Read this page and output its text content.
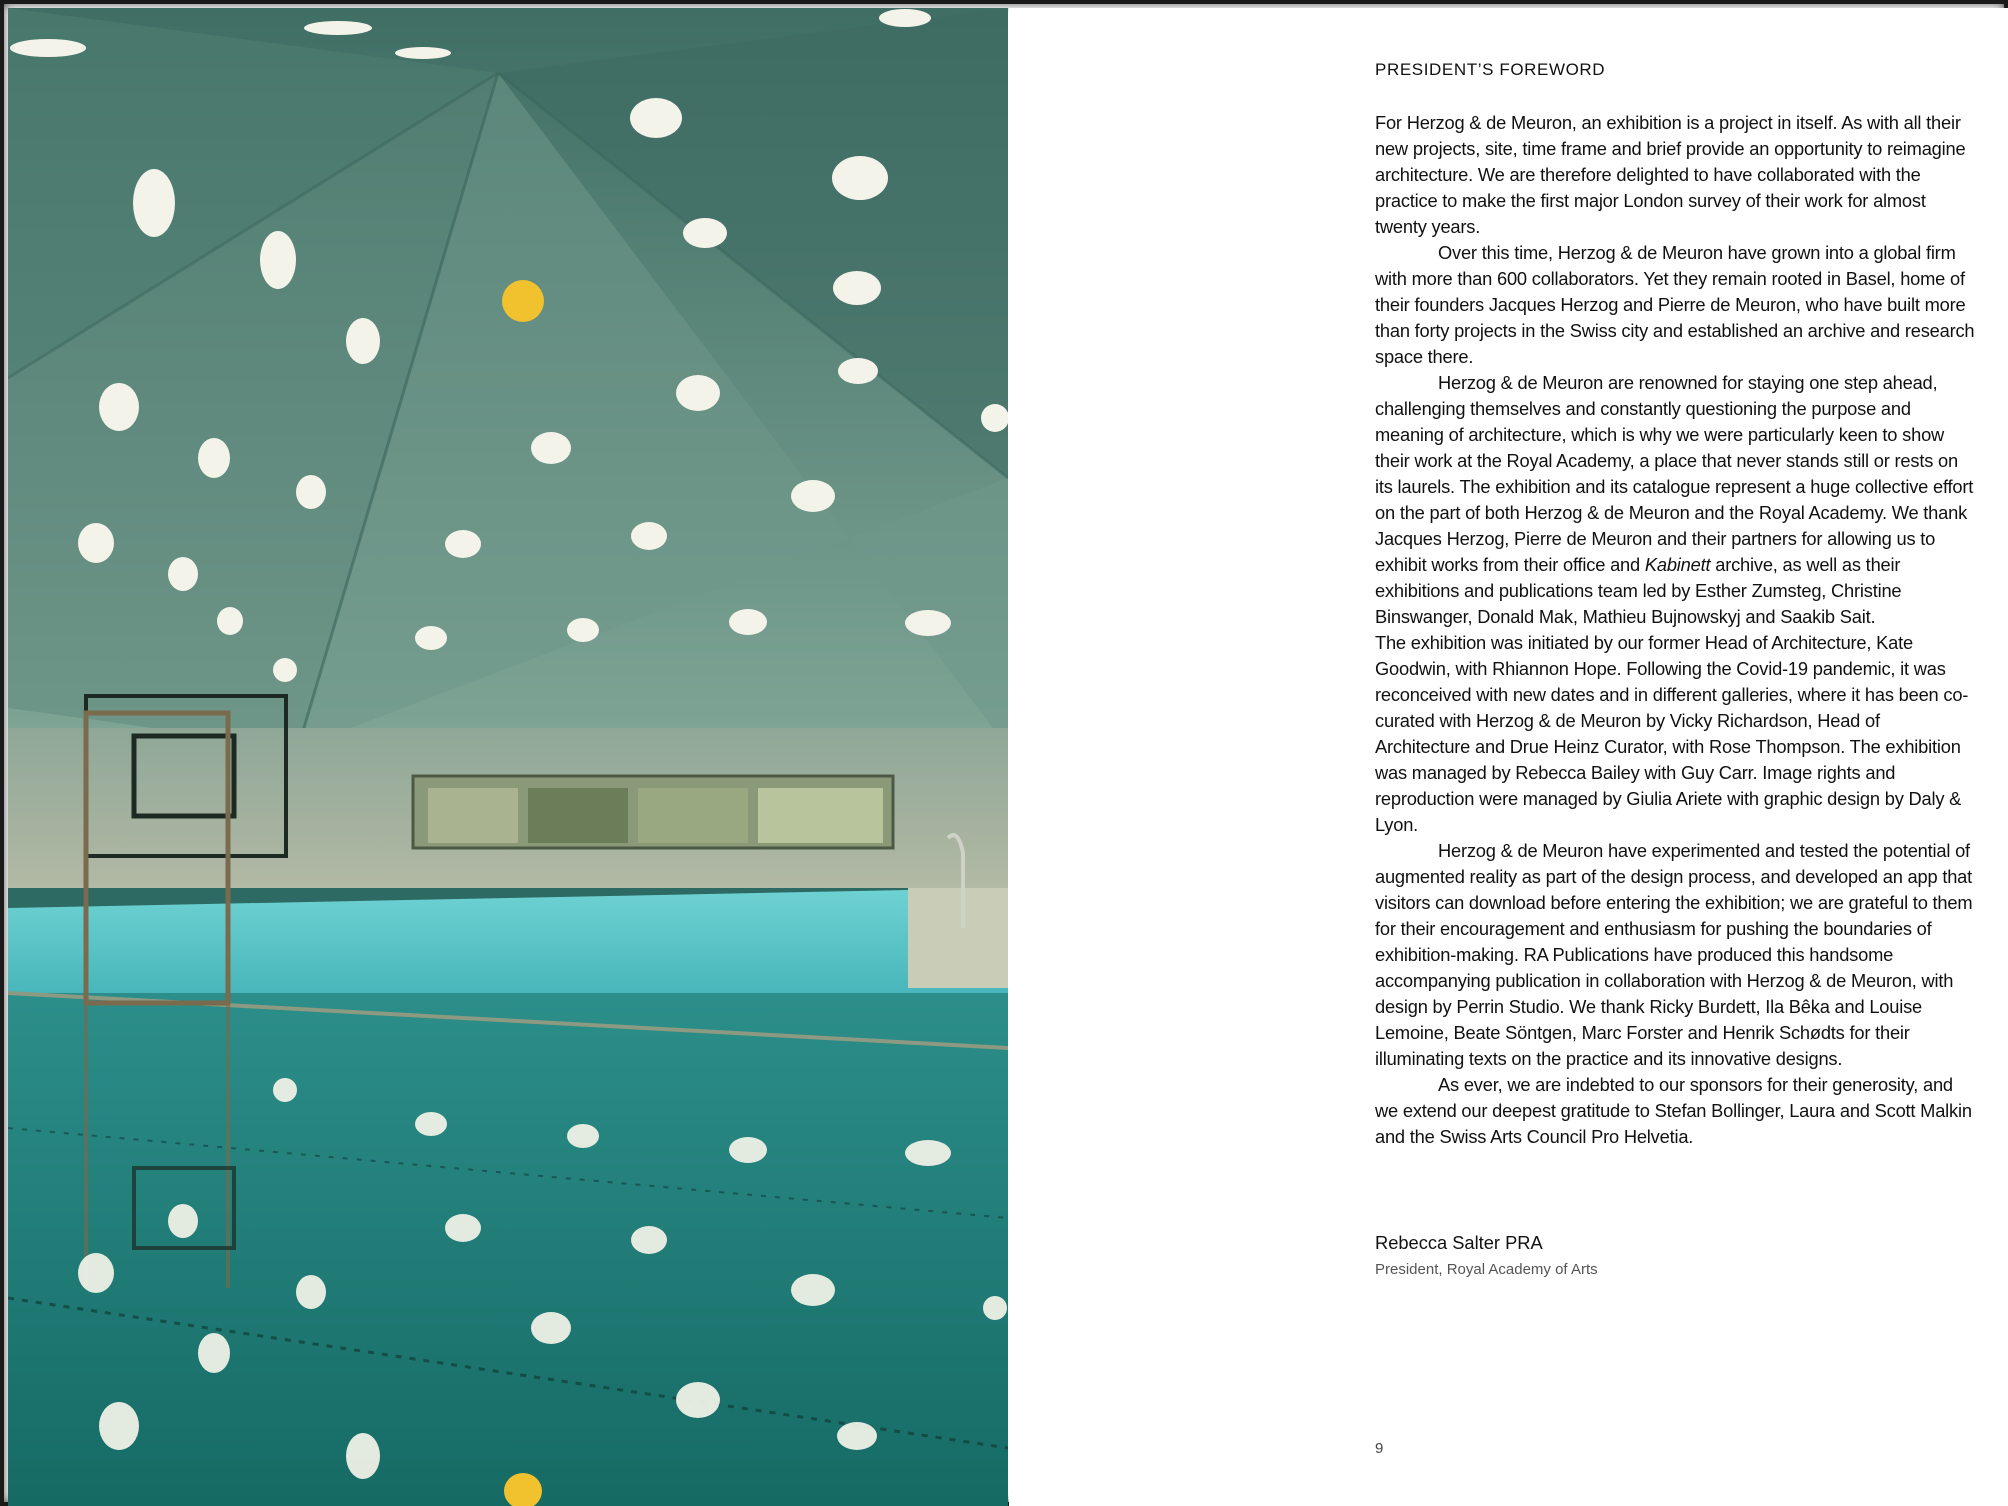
PRESIDENT’S FOREWORD

For Herzog & de Meuron, an exhibition is a project in itself. As with all their new projects, site, time frame and brief provide an opportunity to reimagine architecture. We are therefore delighted to have collaborated with the practice to make the first major London survey of their work for almost twenty years.

Over this time, Herzog & de Meuron have grown into a global firm with more than 600 collaborators. Yet they remain rooted in Basel, home of their founders Jacques Herzog and Pierre de Meuron, who have built more than forty projects in the Swiss city and established an archive and research space there.

Herzog & de Meuron are renowned for staying one step ahead, challenging themselves and constantly questioning the purpose and meaning of architecture, which is why we were particularly keen to show their work at the Royal Academy, a place that never stands still or rests on its laurels. The exhibition and its catalogue represent a huge collective effort on the part of both Herzog & de Meuron and the Royal Academy. We thank Jacques Herzog, Pierre de Meuron and their partners for allowing us to exhibit works from their office and Kabinett archive, as well as their exhibitions and publications team led by Esther Zumsteg, Christine Binswanger, Donald Mak, Mathieu Bujnowskyj and Saakib Sait.

The exhibition was initiated by our former Head of Architecture, Kate Goodwin, with Rhiannon Hope. Following the Covid-19 pandemic, it was reconceived with new dates and in different galleries, where it has been co-curated with Herzog & de Meuron by Vicky Richardson, Head of Architecture and Drue Heinz Curator, with Rose Thompson. The exhibition was managed by Rebecca Bailey with Guy Carr. Image rights and reproduction were managed by Giulia Ariete with graphic design by Daly & Lyon.

Herzog & de Meuron have experimented and tested the potential of augmented reality as part of the design process, and developed an app that visitors can download before entering the exhibition; we are grateful to them for their encouragement and enthusiasm for pushing the boundaries of exhibition-making. RA Publications have produced this handsome accompanying publication in collaboration with Herzog & de Meuron, with design by Perrin Studio. We thank Ricky Burdett, Ila Bêka and Louise Lemoine, Beate Söntgen, Marc Forster and Henrik Schødts for their illuminating texts on the practice and its innovative designs.

As ever, we are indebted to our sponsors for their generosity, and we extend our deepest gratitude to Stefan Bollinger, Laura and Scott Malkin and the Swiss Arts Council Pro Helvetia.

Rebecca Salter PRA
President, Royal Academy of Arts
9
